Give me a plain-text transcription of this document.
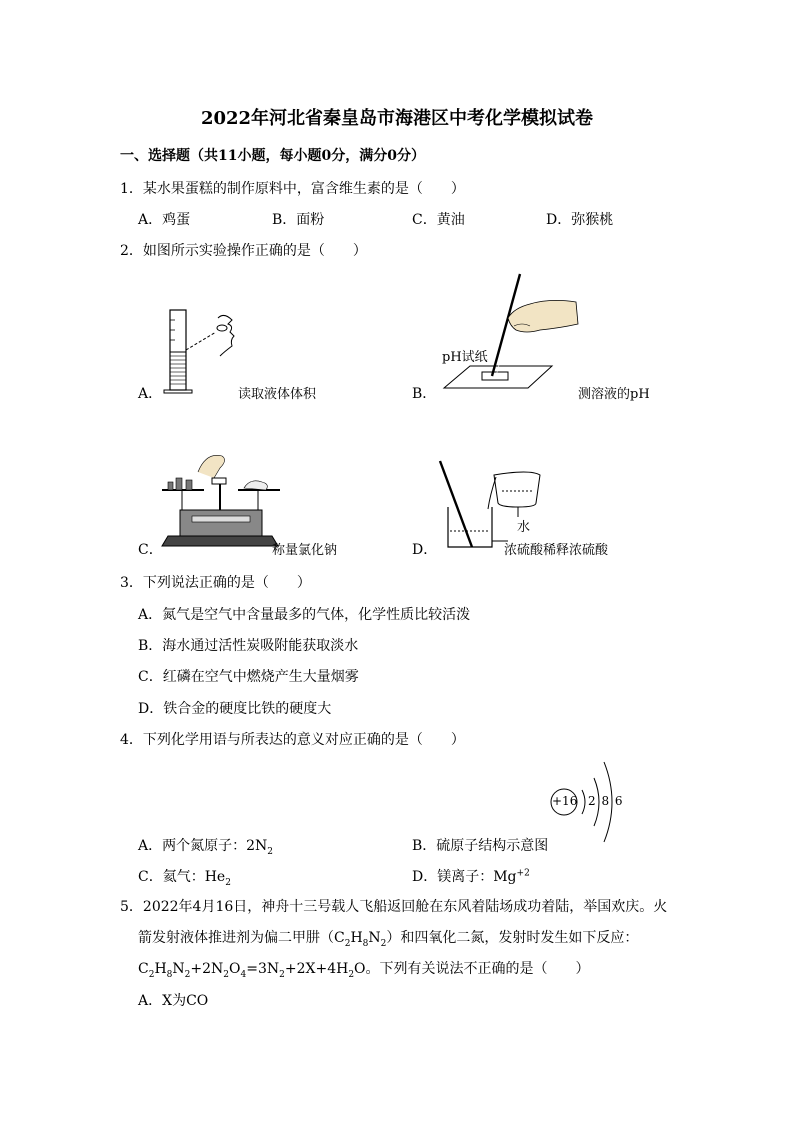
2022年河北省秦皇岛市海港区中考化学模拟试卷
一、选择题（共11小题，每小题0分，满分0分）
1．某水果蛋糕的制作原料中，富含维生素的是（　　）
A．鸡蛋	B．面粉	C．黄油	D．弥猴桃
2．如图所示实验操作正确的是（　　）
A．	读取液体体积	B．
pH试纸
测溶液的pH
C．	称量氯化钠	D．
水
浓硫酸稀释浓硫酸
3．下列说法正确的是（　　）
A．氮气是空气中含量最多的气体，化学性质比较活泼
B．海水通过活性炭吸附能获取淡水
C．红磷在空气中燃烧产生大量烟雾
D．铁合金的硬度比铁的硬度大
4．下列化学用语与所表达的意义对应正确的是（　　）
+16 2 8 6
A．两个氮原子：$2N_2$	B．硫原子结构示意图
C．氦气：$He_2$	D．镁离子：$Mg^{+2}$
5．2022年4月16日，神舟十三号载人飞船返回舱在东风着陆场成功着陆，举国欢庆。火
箭发射液体推进剂为偏二甲肼$(C_2H_8N_2)$和四氧化二氮，发射时发生如下反应：
$C_2H_8N_2+2N_2O_4=3N_2+2X+4H_2O$。下列有关说法不正确的是（　　）
A．X为CO
